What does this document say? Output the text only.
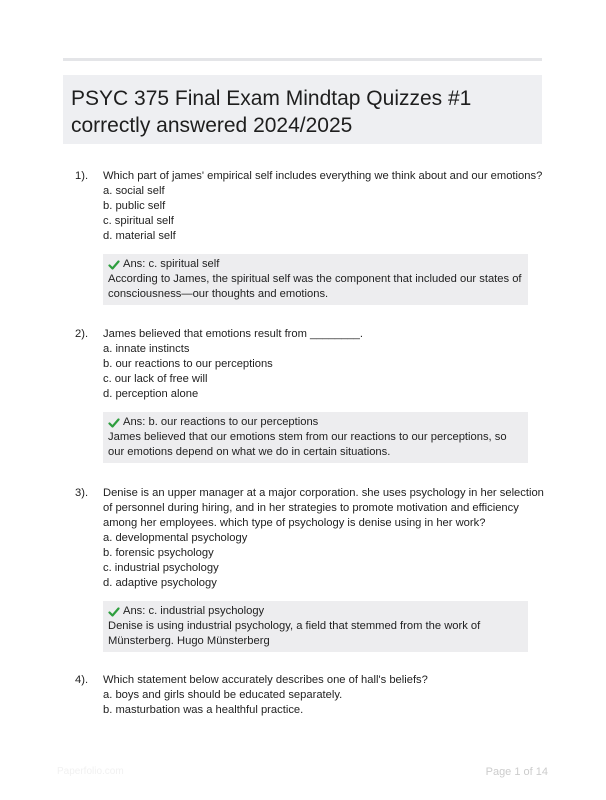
PSYC 375 Final Exam Mindtap Quizzes #1 correctly answered 2024/2025
1).	Which part of james' empirical self includes everything we think about and our emotions?

a. social self
b. public self
c. spiritual self
d. material self
Ans: c. spiritual self

According to James, the spiritual self was the component that included our states of consciousness—our thoughts and emotions.

2).	James believed that emotions result from ________.

a. innate instincts
b. our reactions to our perceptions
c. our lack of free will
d. perception alone
Ans: b. our reactions to our perceptions

James believed that our emotions stem from our reactions to our perceptions, so our emotions depend on what we do in certain situations.

3).	Denise is an upper manager at a major corporation. she uses psychology in her selection of personnel during hiring, and in her strategies to promote motivation and efficiency among her employees. which type of psychology is denise using in her work?

a. developmental psychology
b. forensic psychology
c. industrial psychology
d. adaptive psychology
Ans: c. industrial psychology

Denise is using industrial psychology, a field that stemmed from the work of Münsterberg. Hugo Münsterberg

4).	Which statement below accurately describes one of hall's beliefs?

a. boys and girls should be educated separately.
b. masturbation was a healthful practice.
Paperfolio.com	Page 1 of 14
